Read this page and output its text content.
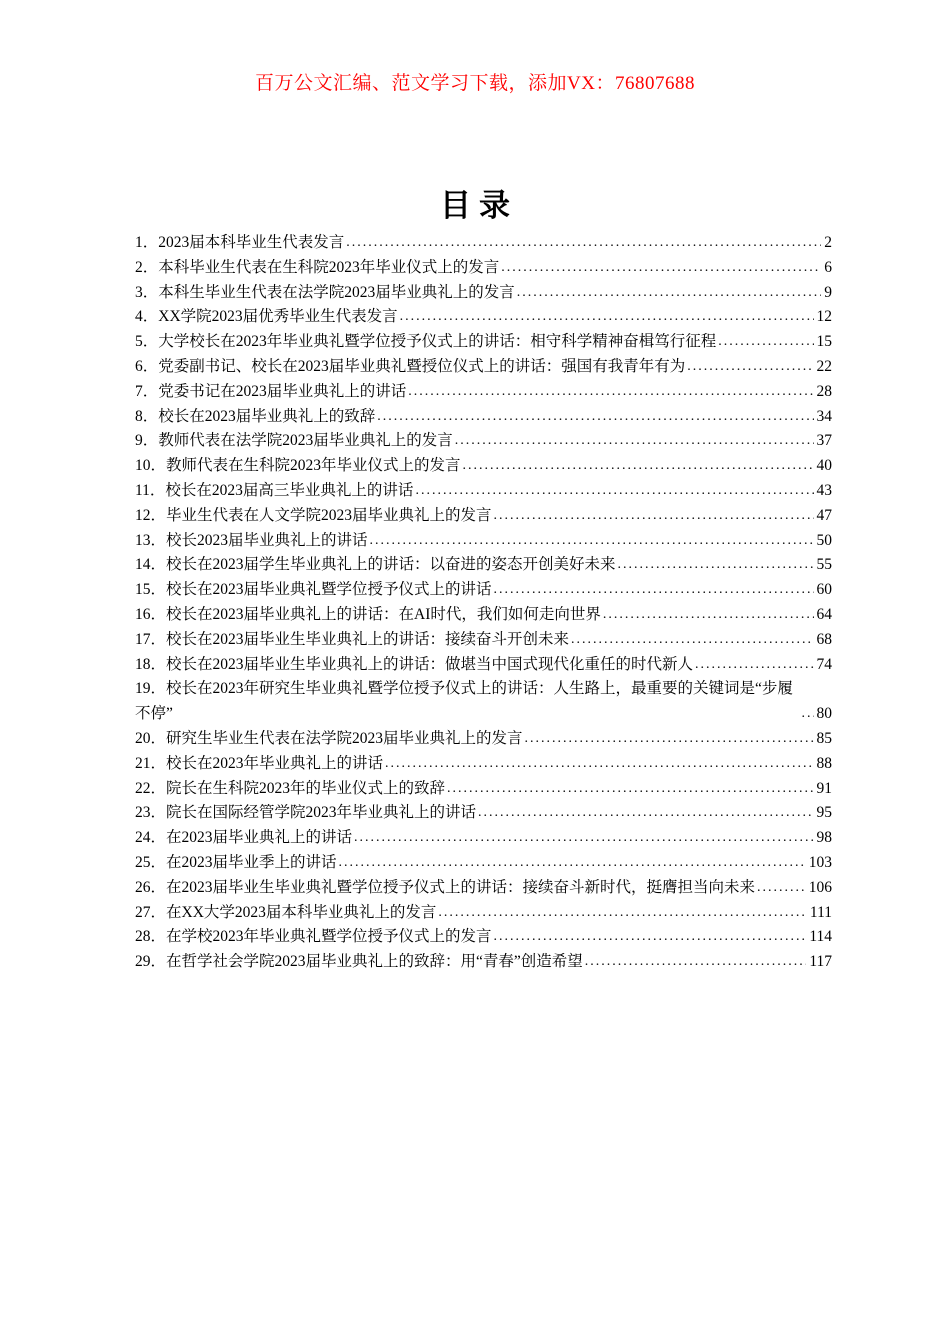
百万公文汇编、范文学习下载，添加VX：76807688
目录
1．2023届本科毕业生代表发言 .....	2
2．本科毕业生代表在生科院2023年毕业仪式上的发言 .....	6
3．本科生毕业生代表在法学院2023届毕业典礼上的发言 .....	9
4．XX学院2023届优秀毕业生代表发言 .....	12
5．大学校长在2023年毕业典礼暨学位授予仪式上的讲话：相守科学精神奋楫笃行征程 .....	15
6．党委副书记、校长在2023届毕业典礼暨授位仪式上的讲话：强国有我青年有为 .....	22
7．党委书记在2023届毕业典礼上的讲话 .....	28
8．校长在2023届毕业典礼上的致辞 .....	34
9．教师代表在法学院2023届毕业典礼上的发言 .....	37
10．教师代表在生科院2023年毕业仪式上的发言 .....	40
11．校长在2023届高三毕业典礼上的讲话 .....	43
12．毕业生代表在人文学院2023届毕业典礼上的发言 .....	47
13．校长2023届毕业典礼上的讲话 .....	50
14．校长在2023届学生毕业典礼上的讲话：以奋进的姿态开创美好未来 .....	55
15．校长在2023届毕业典礼暨学位授予仪式上的讲话 .....	60
16．校长在2023届毕业典礼上的讲话：在AI时代，我们如何走向世界 .....	64
17．校长在2023届毕业生毕业典礼上的讲话：接续奋斗开创未来 .....	68
18．校长在2023届毕业生毕业典礼上的讲话：做堪当中国式现代化重任的时代新人 .....	74
19．校长在2023年研究生毕业典礼暨学位授予仪式上的讲话：人生路上，最重要的关键词是“步履不停” .....	80
20．研究生毕业生代表在法学院2023届毕业典礼上的发言 .....	85
21．校长在2023年毕业典礼上的讲话 .....	88
22．院长在生科院2023年的毕业仪式上的致辞 .....	91
23．院长在国际经管学院2023年毕业典礼上的讲话 .....	95
24．在2023届毕业典礼上的讲话 .....	98
25．在2023届毕业季上的讲话 .....	103
26．在2023届毕业生毕业典礼暨学位授予仪式上的讲话：接续奋斗新时代，挺膺担当向未来 .....	106
27．在XX大学2023届本科毕业典礼上的发言 .....	111
28．在学校2023年毕业典礼暨学位授予仪式上的发言 .....	114
29．在哲学社会学院2023届毕业典礼上的致辞：用“青春”创造希望 .....	117
